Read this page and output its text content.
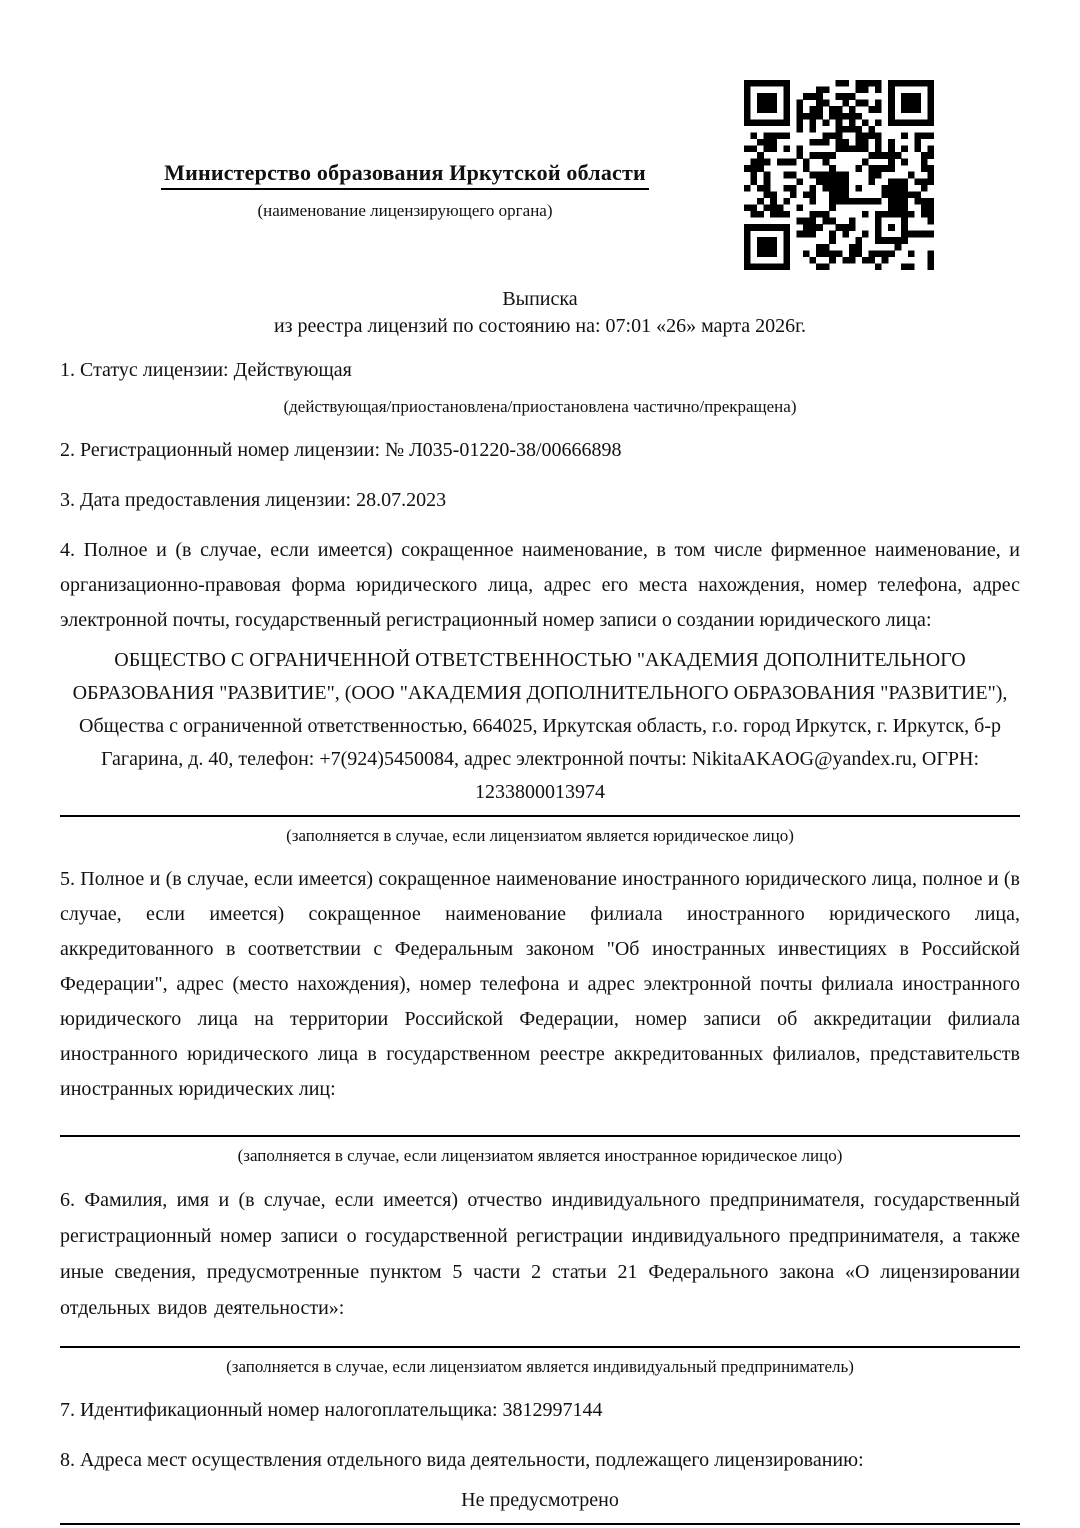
Министерство образования Иркутской области
(наименование лицензирующего органа)

Выписка

из реестра лицензий по состоянию на: 07:01 «26» марта 2026г.

1. Статус лицензии: Действующая

(действующая/приостановлена/приостановлена частично/прекращена)

2. Регистрационный номер лицензии: № Л035-01220-38/00666898

3. Дата предоставления лицензии: 28.07.2023

4. Полное и (в случае, если имеется) сокращенное наименование, в том числе фирменное наименование, и организационно-правовая форма юридического лица, адрес его места нахождения, номер телефона, адрес электронной почты, государственный регистрационный номер записи о создании юридического лица:

ОБЩЕСТВО С ОГРАНИЧЕННОЙ ОТВЕТСТВЕННОСТЬЮ "АКАДЕМИЯ ДОПОЛНИТЕЛЬНОГО ОБРАЗОВАНИЯ "РАЗВИТИЕ", (ООО "АКАДЕМИЯ ДОПОЛНИТЕЛЬНОГО ОБРАЗОВАНИЯ "РАЗВИТИЕ"), Общества с ограниченной ответственностью, 664025, Иркутская область, г.о. город Иркутск, г. Иркутск, б-р Гагарина, д. 40, телефон: +7(924)5450084, адрес электронной почты: NikitaAKAOG@yandex.ru, ОГРН: 1233800013974

(заполняется в случае, если лицензиатом является юридическое лицо)

5. Полное и (в случае, если имеется) сокращенное наименование иностранного юридического лица, полное и (в случае, если имеется) сокращенное наименование филиала иностранного юридического лица, аккредитованного в соответствии с Федеральным законом "Об иностранных инвестициях в Российской Федерации", адрес (место нахождения), номер телефона и адрес электронной почты филиала иностранного юридического лица на территории Российской Федерации, номер записи об аккредитации филиала иностранного юридического лица в государственном реестре аккредитованных филиалов, представительств иностранных юридических лиц:

(заполняется в случае, если лицензиатом является иностранное юридическое лицо)

6. Фамилия, имя и (в случае, если имеется) отчество индивидуального предпринимателя, государственный регистрационный номер записи о государственной регистрации индивидуального предпринимателя, а также иные сведения, предусмотренные пунктом 5 части 2 статьи 21 Федерального закона «О лицензировании отдельных видов деятельности»:

(заполняется в случае, если лицензиатом является индивидуальный предприниматель)

7. Идентификационный номер налогоплательщика: 3812997144

8. Адреса мест осуществления отдельного вида деятельности, подлежащего лицензированию:

Не предусмотрено
